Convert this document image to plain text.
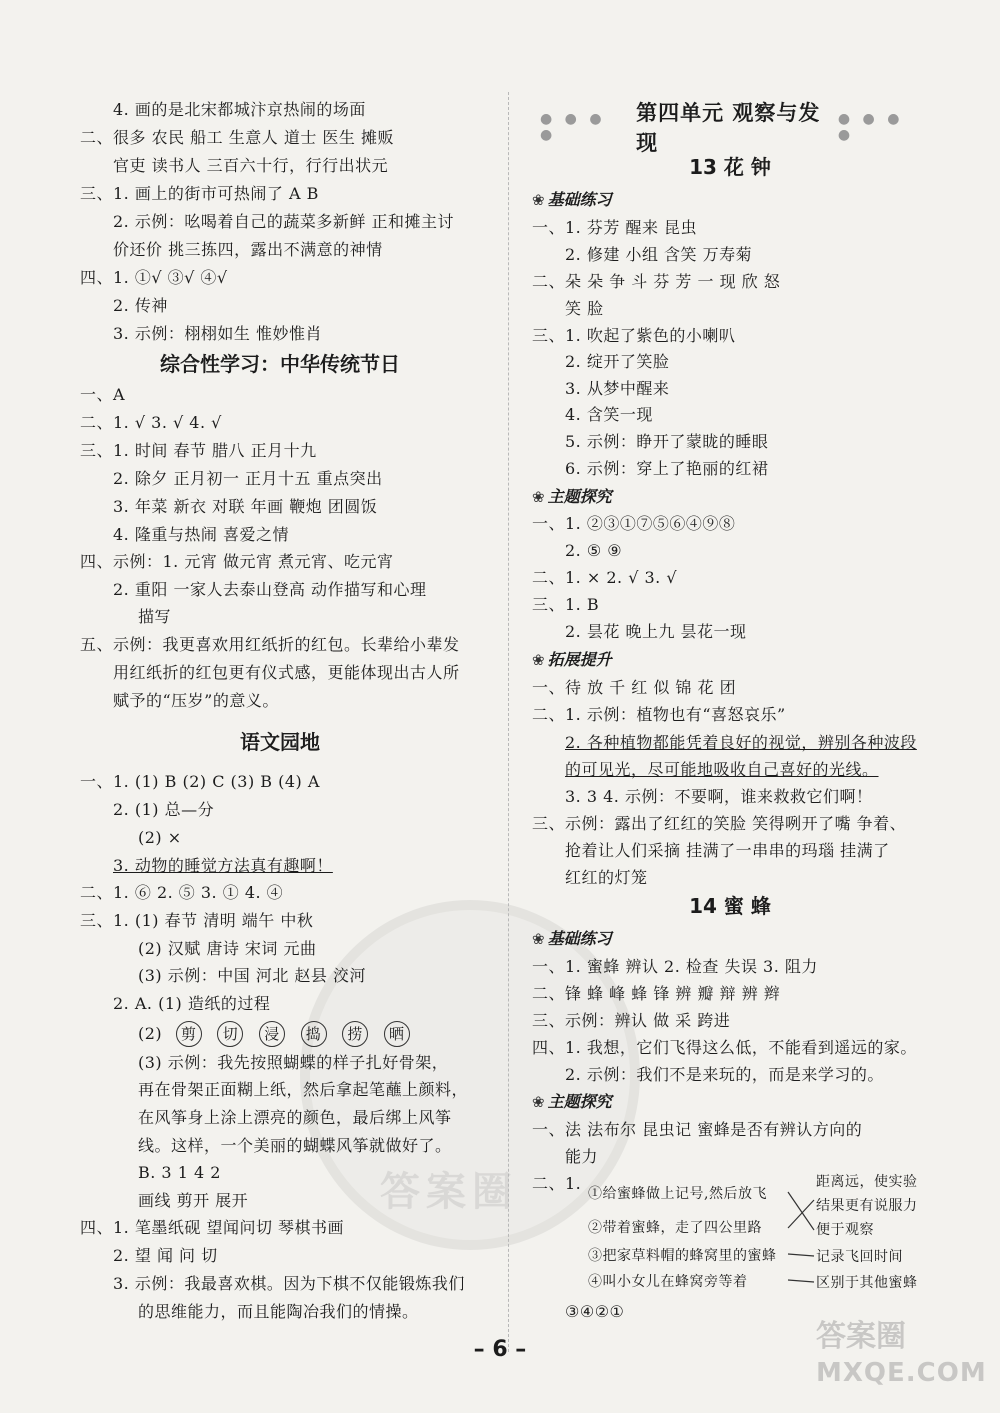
答案圈
4. 画的是北宋都城汴京热闹的场面
二、很多 农民 船工 生意人 道士 医生 摊贩
官吏 读书人 三百六十行，行行出状元
三、1. 画上的街市可热闹了 A B
2. 示例：吆喝着自己的蔬菜多新鲜 正和摊主讨
价还价 挑三拣四，露出不满意的神情
四、1. ①√ ③√ ④√
2. 传神
3. 示例：栩栩如生 惟妙惟肖
综合性学习：中华传统节日
一、A
二、1. √ 3. √ 4. √
三、1. 时间 春节 腊八 正月十九
2. 除夕 正月初一 正月十五 重点突出
3. 年菜 新衣 对联 年画 鞭炮 团圆饭
4. 隆重与热闹 喜爱之情
四、示例：1. 元宵 做元宵 煮元宵、吃元宵
2. 重阳 一家人去泰山登高 动作描写和心理
描写
五、示例：我更喜欢用红纸折的红包。长辈给小辈发
用红纸折的红包更有仪式感，更能体现出古人所
赋予的“压岁”的意义。
语文园地
一、1. (1) B (2) C (3) B (4) A
2. (1) 总—分
(2) ×
3. 动物的睡觉方法真有趣啊！
二、1. ⑥ 2. ⑤ 3. ① 4. ④
三、1. (1) 春节 清明 端午 中秋
(2) 汉赋 唐诗 宋词 元曲
(3) 示例：中国 河北 赵县 洨河
2. A. (1) 造纸的过程
(2) 剪 切 浸 捣 捞 晒
(3) 示例：我先按照蝴蝶的样子扎好骨架，
再在骨架正面糊上纸，然后拿起笔蘸上颜料，
在风筝身上涂上漂亮的颜色，最后绑上风筝
线。这样，一个美丽的蝴蝶风筝就做好了。
B. 3 1 4 2
画线 剪开 展开
四、1. 笔墨纸砚 望闻问切 琴棋书画
2. 望 闻 问 切
3. 示例：我最喜欢棋。因为下棋不仅能锻炼我们
的思维能力，而且能陶冶我们的情操。
● ● ● ●
第四单元 观察与发现
● ● ● ●
13 花 钟
❀ 基础练习
一、1. 芬芳 醒来 昆虫
2. 修建 小组 含笑 万寿菊
二、朵 朵 争 斗 芬 芳 一 现 欣 怒
笑 脸
三、1. 吹起了紫色的小喇叭
2. 绽开了笑脸
3. 从梦中醒来
4. 含笑一现
5. 示例：睁开了蒙眬的睡眼
6. 示例：穿上了艳丽的红裙
❀ 主题探究
一、1. ②③①⑦⑤⑥④⑨⑧
2. ⑤ ⑨
二、1. × 2. √ 3. √
三、1. B
2. 昙花 晚上九 昙花一现
❀ 拓展提升
一、待 放 千 红 似 锦 花 团
二、1. 示例：植物也有“喜怒哀乐”
2. 各种植物都能凭着良好的视觉，辨别各种波段
的可见光，尽可能地吸收自己喜好的光线。
3. 3 4. 示例：不要啊，谁来救救它们啊！
三、示例：露出了红红的笑脸 笑得咧开了嘴 争着、
抢着让人们采摘 挂满了一串串的玛瑙 挂满了
红红的灯笼
14 蜜 蜂
❀ 基础练习
一、1. 蜜蜂 辨认 2. 检查 失误 3. 阻力
二、锋 蜂 峰 蜂 锋 辨 瓣 辩 辨 辫
三、示例：辨认 做 采 跨进
四、1. 我想，它们飞得这么低，不能看到遥远的家。
2. 示例：我们不是来玩的，而是来学习的。
❀ 主题探究
一、法 法布尔 昆虫记 蜜蜂是否有辨认方向的
能力
二、1.
①给蜜蜂做上记号,然后放飞
②带着蜜蜂，走了四公里路
③把家草料帽的蜂窝里的蜜蜂
④叫小女儿在蜂窝旁等着
距离远，使实验
结果更有说服力
便于观察
记录飞回时间
区别于其他蜜蜂
③④②①
– 6 –	答案圈
MXQE.COM
